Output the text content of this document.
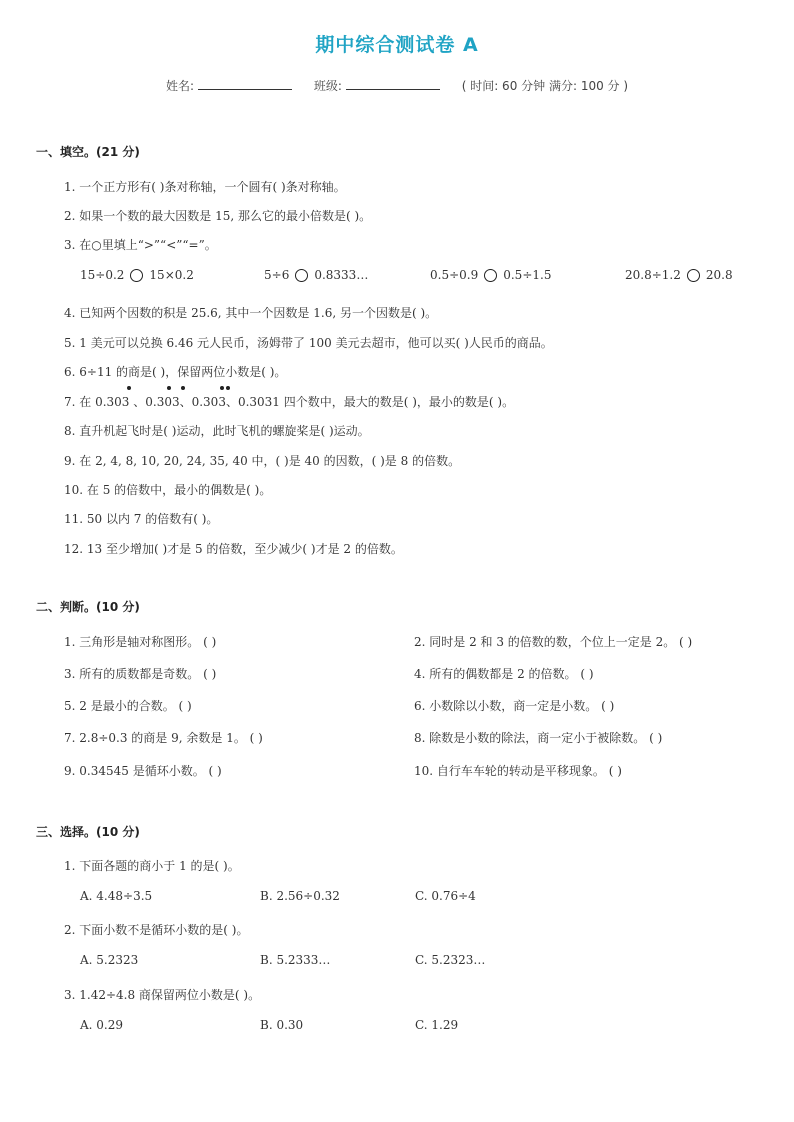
期中综合测试卷 A
姓名:	班级:	( 时间: 60 分钟 满分: 100 分 )
一、填空。(21 分)
1. 一个正方形有( )条对称轴，一个圆有( )条对称轴。
2. 如果一个数的最大因数是 15, 那么它的最小倍数是( )。
3. 在○里填上“>”“<”“=”。
15÷0.2 15×0.2	5÷6 0.8333…	0.5÷0.9 0.5÷1.5	20.8÷1.2 20.8
4. 已知两个因数的积是 25.6, 其中一个因数是 1.6, 另一个因数是( )。
5. 1 美元可以兑换 6.46 元人民币，汤姆带了 100 美元去超市，他可以买( )人民币的商品。
6. 6÷11 的商是( )，保留两位小数是( )。
7. 在 0.303 、0.303、0.303、0.3031 四个数中，最大的数是( )，最小的数是( )。
8. 直升机起飞时是( )运动，此时飞机的螺旋桨是( )运动。
9. 在 2, 4, 8, 10, 20, 24, 35, 40 中，( )是 40 的因数，( )是 8 的倍数。
10. 在 5 的倍数中，最小的偶数是( )。
11. 50 以内 7 的倍数有( )。
12. 13 至少增加( )才是 5 的倍数，至少减少( )才是 2 的倍数。
二、判断。(10 分)
1. 三角形是轴对称图形。 ( )	2. 同时是 2 和 3 的倍数的数，个位上一定是 2。 ( )
3. 所有的质数都是奇数。 ( )	4. 所有的偶数都是 2 的倍数。 ( )
5. 2 是最小的合数。 ( )	6. 小数除以小数，商一定是小数。 ( )
7. 2.8÷0.3 的商是 9, 余数是 1。 ( )	8. 除数是小数的除法，商一定小于被除数。 ( )
9. 0.34545 是循环小数。 ( )	10. 自行车车轮的转动是平移现象。 ( )
三、选择。(10 分)
1. 下面各题的商小于 1 的是( )。
A. 4.48÷3.5	B. 2.56÷0.32	C. 0.76÷4
2. 下面小数不是循环小数的是( )。
A. 5.2323	B. 5.2333…	C. 5.2323…
3. 1.42÷4.8 商保留两位小数是( )。
A. 0.29	B. 0.30	C. 1.29
